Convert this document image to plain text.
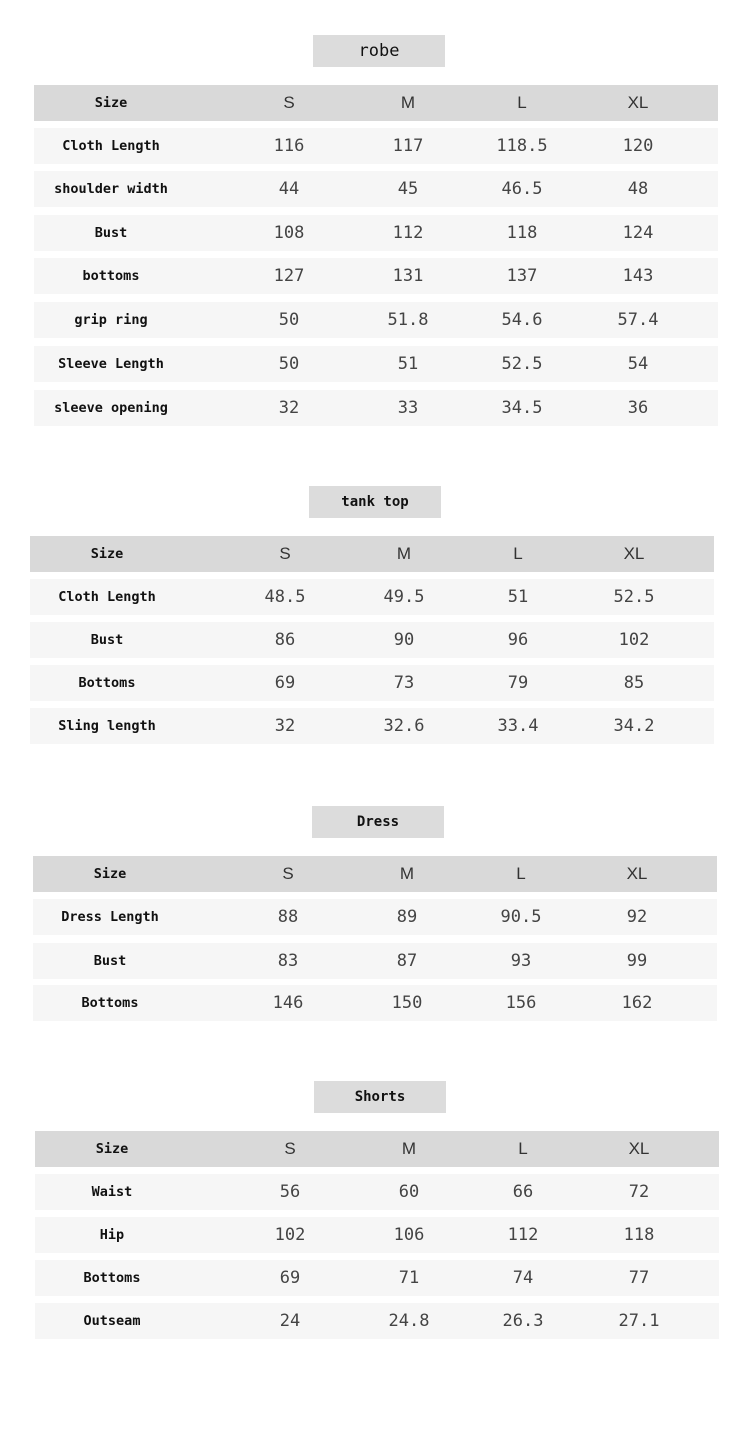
robe
Size	S	M	L	XL
Cloth Length	116	117	118.5	120
shoulder width	44	45	46.5	48
Bust	108	112	118	124
bottoms	127	131	137	143
grip ring	50	51.8	54.6	57.4
Sleeve Length	50	51	52.5	54
sleeve opening	32	33	34.5	36
tank top
Size	S	M	L	XL
Cloth Length	48.5	49.5	51	52.5
Bust	86	90	96	102
Bottoms	69	73	79	85
Sling length	32	32.6	33.4	34.2
Dress
Size	S	M	L	XL
Dress Length	88	89	90.5	92
Bust	83	87	93	99
Bottoms	146	150	156	162
Shorts
Size	S	M	L	XL
Waist	56	60	66	72
Hip	102	106	112	118
Bottoms	69	71	74	77
Outseam	24	24.8	26.3	27.1
